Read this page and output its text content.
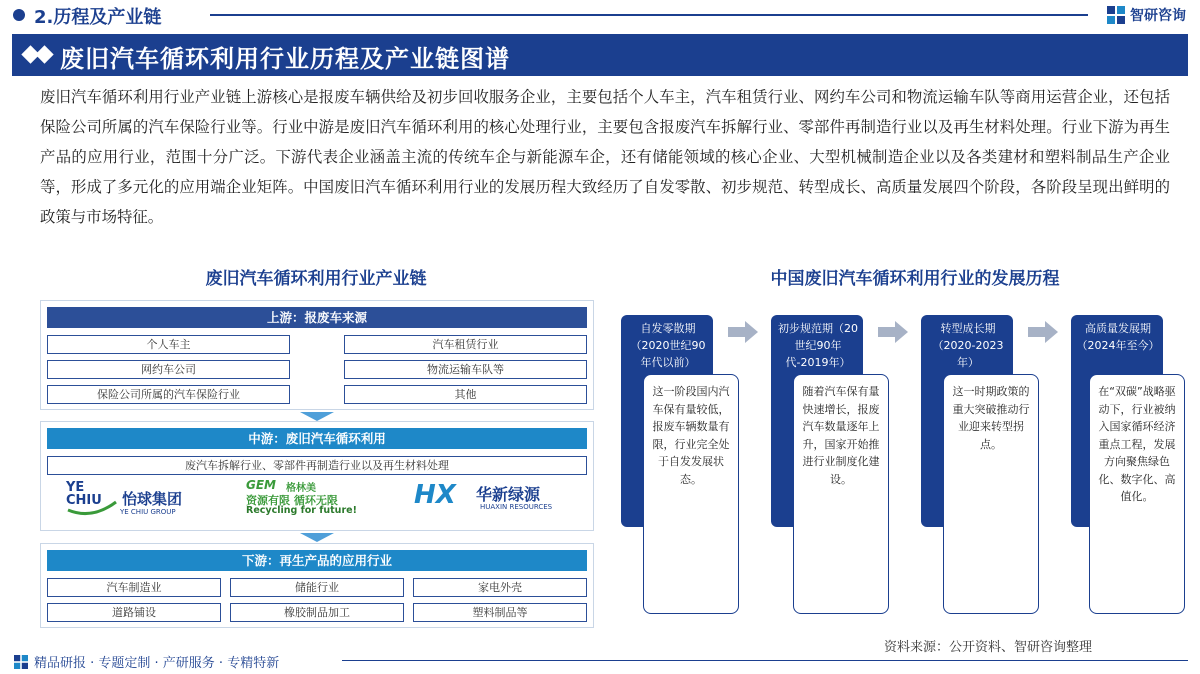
2.历程及产业链	智研咨询
废旧汽车循环利用行业历程及产业链图谱
废旧汽车循环利用行业产业链上游核心是报废车辆供给及初步回收服务企业，主要包括个人车主，汽车租赁行业、网约车公司和物流运输车队等商用运营企业，还包括保险公司所属的汽车保险行业等。行业中游是废旧汽车循环利用的核心处理行业，主要包含报废汽车拆解行业、零部件再制造行业以及再生材料处理。行业下游为再生产品的应用行业，范围十分广泛。下游代表企业涵盖主流的传统车企与新能源车企，还有储能领域的核心企业、大型机械制造企业以及各类建材和塑料制品生产企业等，形成了多元化的应用端企业矩阵。中国废旧汽车循环利用行业的发展历程大致经历了自发零散、初步规范、转型成长、高质量发展四个阶段，各阶段呈现出鲜明的政策与市场特征。
废旧汽车循环利用行业产业链
上游：报废车来源
个人车主	汽车租赁行业
网约车公司	物流运输车队等
保险公司所属的汽车保险行业	其他
中游：废旧汽车循环利用
废汽车拆解行业、零部件再制造行业以及再生材料处理
YE
CHIU 怡球集团
YE CHIU GROUP
GEM 格林美
资源有限 循环无限
Recycling for future!
HX 华新绿源
HUAXIN RESOURCES
下游：再生产品的应用行业
汽车制造业	储能行业	家电外壳
道路铺设	橡胶制品加工	塑料制品等
中国废旧汽车循环利用行业的发展历程
自发零散期（2020世纪90年代以前）
这一阶段国内汽车保有量较低，报废车辆数量有限，行业完全处于自发发展状态。
初步规范期（20世纪90年代-2019年）
随着汽车保有量快速增长，报废汽车数量逐年上升，国家开始推进行业制度化建设。
转型成长期（2020-2023年）
这一时期政策的重大突破推动行业迎来转型拐点。
高质量发展期（2024年至今）
在“双碳”战略驱动下，行业被纳入国家循环经济重点工程，发展方向聚焦绿色化、数字化、高值化。
资料来源：公开资料、智研咨询整理
精品研报 · 专题定制 · 产研服务 · 专精特新
